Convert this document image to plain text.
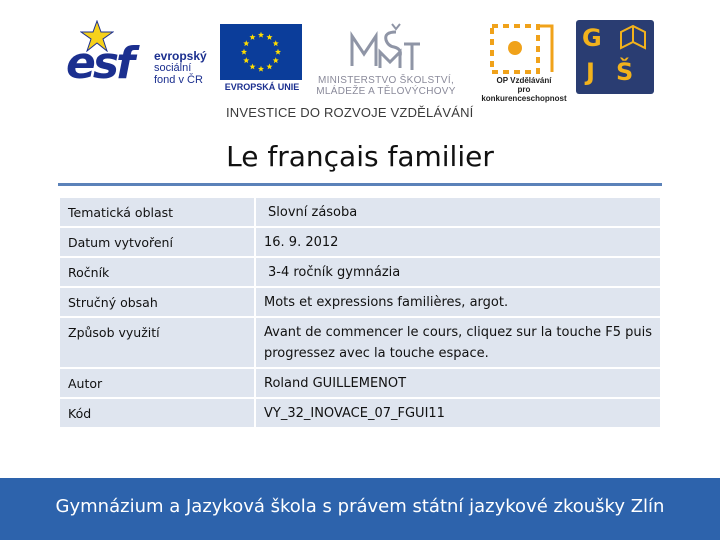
esf evropský
sociální
fond v ČR
EVROPSKÁ UNIE
MINISTERSTVO ŠKOLSTVÍ,
MLÁDEŽE A TĚLOVÝCHOVY
OP Vzdělávání
pro konkurenceschopnost
G
J Š
INVESTICE DO ROZVOJE VZDĚLÁVÁNÍ
Le français familier
Tematická oblast	Slovní zásoba
Datum vytvoření	16. 9. 2012
Ročník	3-4 ročník gymnázia
Stručný obsah	Mots et expressions familières, argot.
Způsob využití	Avant de commencer le cours, cliquez sur la touche F5 puis progressez avec la touche espace.
Autor	Roland GUILLEMENOT
Kód	VY_32_INOVACE_07_FGUI11
Gymnázium a Jazyková škola s právem státní jazykové zkoušky Zlín
